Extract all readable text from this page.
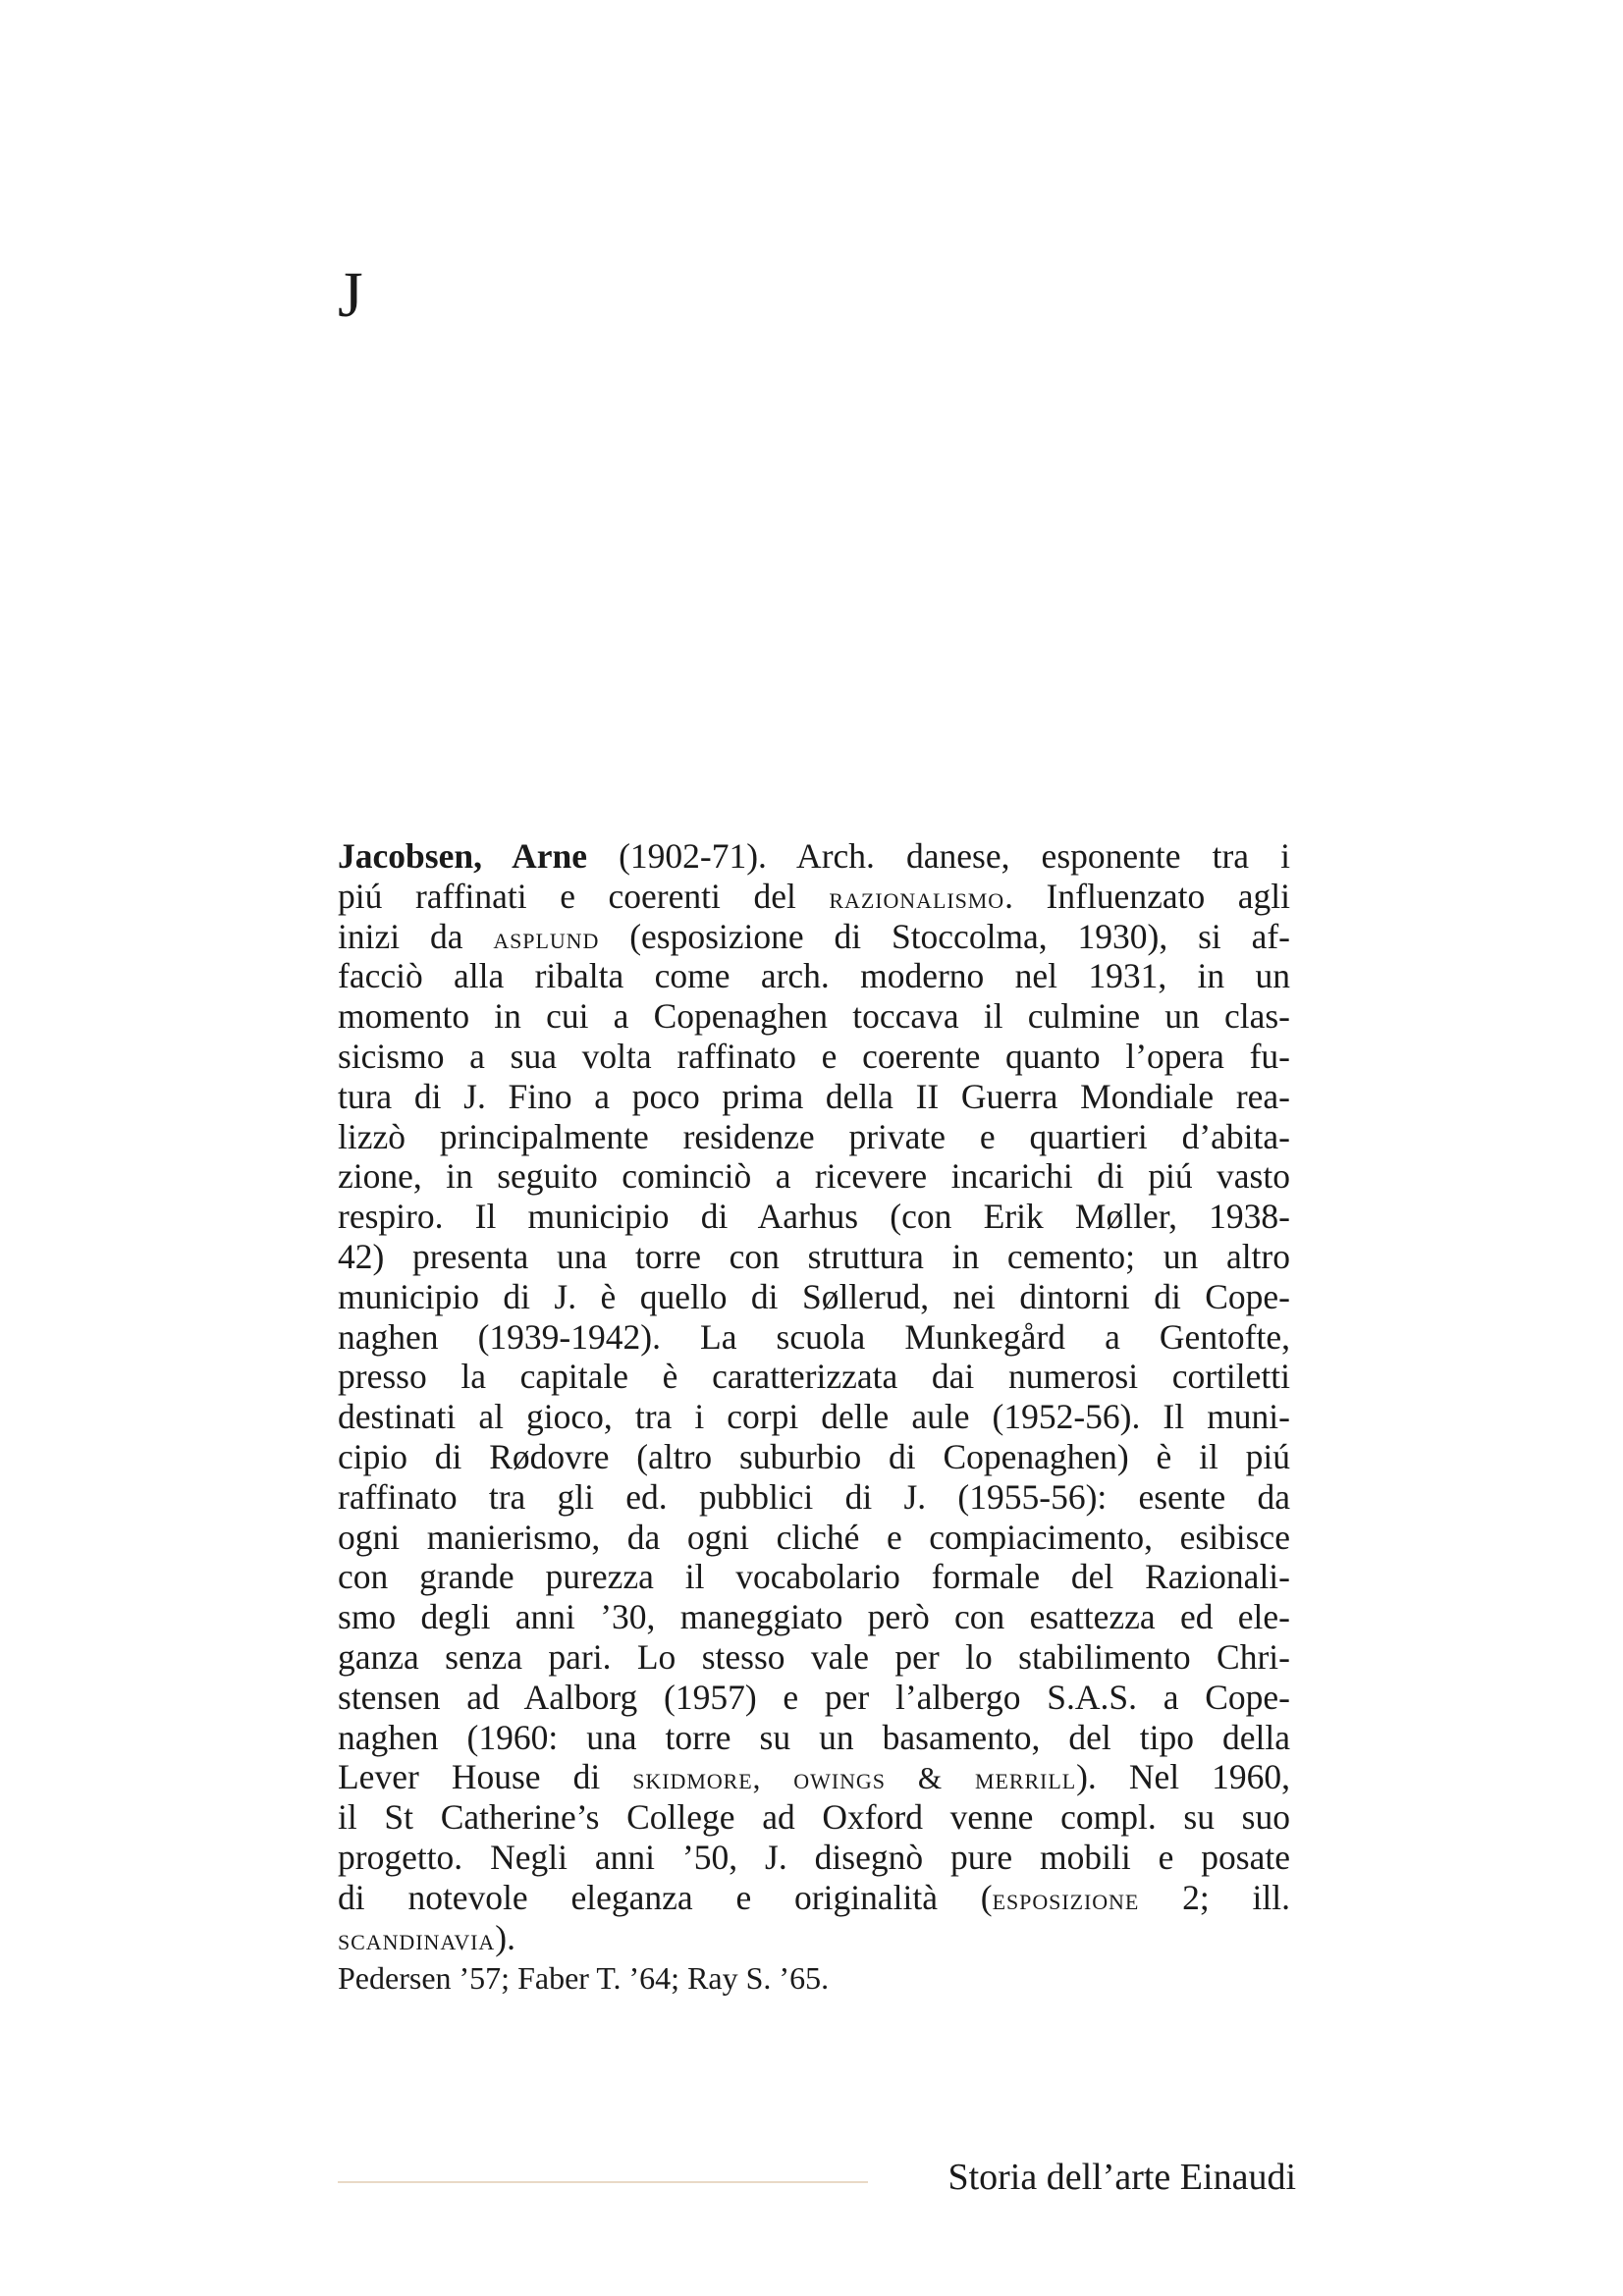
J
Jacobsen, Arne (1902-71). Arch. danese, esponente tra i
piú raffinati e coerenti del razionalismo. Influenzato agli
inizi da asplund (esposizione di Stoccolma, 1930), si af-
facciò alla ribalta come arch. moderno nel 1931, in un
momento in cui a Copenaghen toccava il culmine un clas-
sicismo a sua volta raffinato e coerente quanto l’opera fu-
tura di J. Fino a poco prima della II Guerra Mondiale rea-
lizzò principalmente residenze private e quartieri d’abita-
zione, in seguito cominciò a ricevere incarichi di piú vasto
respiro. Il municipio di Aarhus (con Erik Møller, 1938-
42) presenta una torre con struttura in cemento; un altro
municipio di J. è quello di Søllerud, nei dintorni di Cope-
naghen (1939-1942). La scuola Munkegård a Gentofte,
presso la capitale è caratterizzata dai numerosi cortiletti
destinati al gioco, tra i corpi delle aule (1952-56). Il muni-
cipio di Rødovre (altro suburbio di Copenaghen) è il piú
raffinato tra gli ed. pubblici di J. (1955-56): esente da
ogni manierismo, da ogni cliché e compiacimento, esibisce
con grande purezza il vocabolario formale del Razionali-
smo degli anni ’30, maneggiato però con esattezza ed ele-
ganza senza pari. Lo stesso vale per lo stabilimento Chri-
stensen ad Aalborg (1957) e per l’albergo S.A.S. a Cope-
naghen (1960: una torre su un basamento, del tipo della
Lever House di skidmore, owings & merrill). Nel 1960,
il St Catherine’s College ad Oxford venne compl. su suo
progetto. Negli anni ’50, J. disegnò pure mobili e posate
di notevole eleganza e originalità (esposizione 2; ill.
scandinavia).
Pedersen ’57; Faber T. ’64; Ray S. ’65.
Storia dell’arte Einaudi
